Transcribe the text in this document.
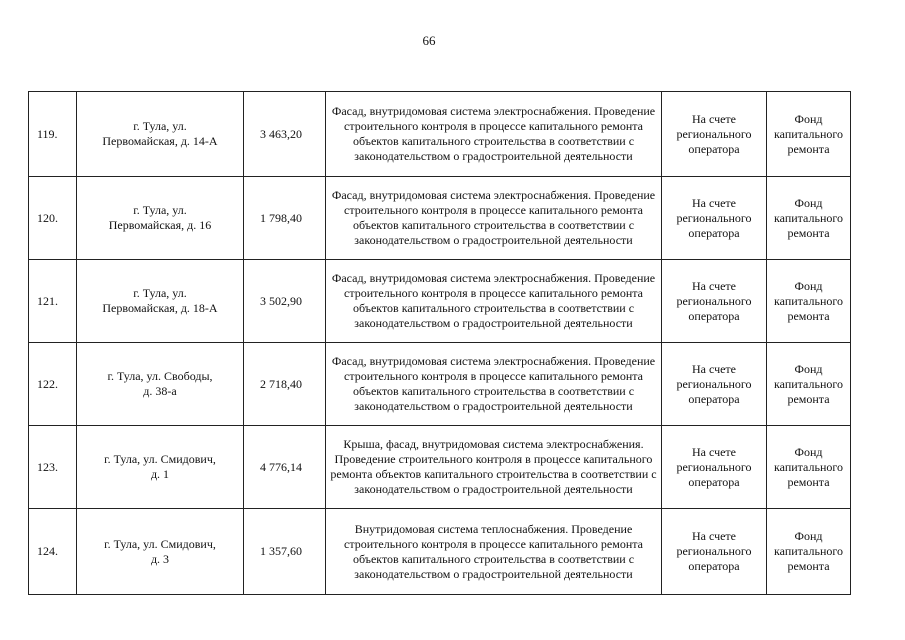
66
119.	г. Тула, ул.
Первомайская, д. 14-А	3 463,20	Фасад, внутридомовая система электроснабжения. Проведение строительного контроля в процессе капитального ремонта объектов капитального строительства в соответствии с законодательством о градостроительной деятельности	На счете регионального оператора	Фонд капитального ремонта
120.	г. Тула, ул.
Первомайская, д. 16	1 798,40	Фасад, внутридомовая система электроснабжения. Проведение строительного контроля в процессе капитального ремонта объектов капитального строительства в соответствии с законодательством о градостроительной деятельности	На счете регионального оператора	Фонд капитального ремонта
121.	г. Тула, ул.
Первомайская, д. 18-А	3 502,90	Фасад, внутридомовая система электроснабжения. Проведение строительного контроля в процессе капитального ремонта объектов капитального строительства в соответствии с законодательством о градостроительной деятельности	На счете регионального оператора	Фонд капитального ремонта
122.	г. Тула, ул. Свободы,
д. 38-а	2 718,40	Фасад, внутридомовая система электроснабжения. Проведение строительного контроля в процессе капитального ремонта объектов капитального строительства в соответствии с законодательством о градостроительной деятельности	На счете регионального оператора	Фонд капитального ремонта
123.	г. Тула, ул. Смидович,
д. 1	4 776,14	Крыша, фасад, внутридомовая система электроснабжения. Проведение строительного контроля в процессе капитального ремонта объектов капитального строительства в соответствии с законодательством о градостроительной деятельности	На счете регионального оператора	Фонд капитального ремонта
124.	г. Тула, ул. Смидович,
д. 3	1 357,60	Внутридомовая система теплоснабжения. Проведение строительного контроля в процессе капитального ремонта объектов капитального строительства в соответствии с законодательством о градостроительной деятельности	На счете регионального оператора	Фонд капитального ремонта
